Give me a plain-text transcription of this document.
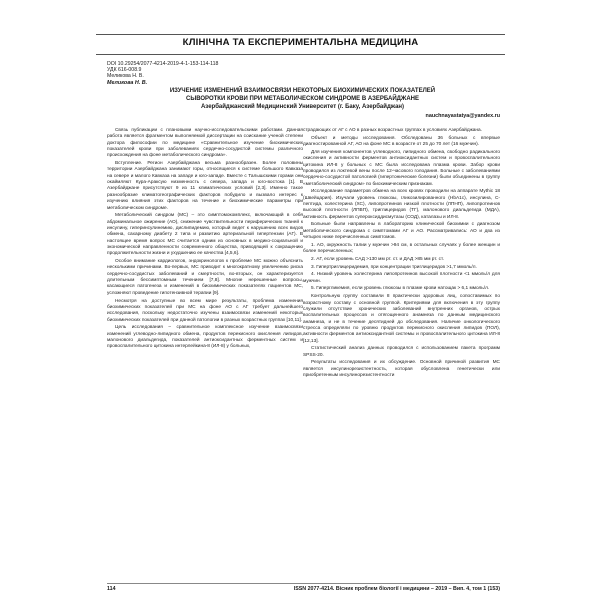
КЛІНІЧНА ТА ЕКСПЕРИМЕНТАЛЬНА МЕДИЦИНА
DOI 10.29254/2077-4214-2019-4-1-153-114-118
УДК 616-008.9
Меликова Н. В.
Меликова Н. В.
ИЗУЧЕНИЕ ИЗМЕНЕНИЙ ВЗАИМОСВЯЗИ НЕКОТОРЫХ БИОХИМИЧЕСКИХ ПОКАЗАТЕЛЕЙ
СЫВОРОТКИ КРОВИ ПРИ МЕТАБОЛИЧЕСКОМ СИНДРОМЕ В АЗЕРБАЙДЖАНЕ
Азербайджанский Медицинский Университет (г. Баку, Азербайджан)
nauchnayastatya@yandex.ru

Связь публикации с плановыми научно-исследовательскими работами. Данная работа является фрагментом выполняемой диссертации на соискание ученой степени доктора философии по медицине «Сравнительное изучение биохимических показателей крови при заболеваниях сердечно-сосудистой системы различного происхождения на фоне метаболического синдрома».

Вступление. Регион Азербайджана весьма разнообразен. Более половины территории Азербайджана занимают горы, относящиеся к системе большого Кавказа на севере и малого Кавказа на западе и юго-западе. Вместе с Талышскими горами они окаймляют Кура-Араксую низменность с севера, запада и юго-востока [1]. В Азербайджане присутствуют 9 из 11 климатических условий [2,3]. Именно такое разнообразие климатогеографических факторов побудило и вызвало интерес к изучению влияния этих факторов на течение и биохимические параметры при метаболическом синдроме.

Метаболический синдром (МС) – это симптомокомплекс, включающий в себя абдоминальное ожирение (АО), снижение чувствительности периферических тканей к инсулину, гиперинсулинемию, дислипидемию, который ведет к нарушению всех видов обмена, сахарному диабету 2 типа и развитию артериальной гипертензии (АГ). В настоящее время вопрос МС считается одним из основных в медико-социальной и экономической направленности современного общества, приводящей к сокращению продолжительности жизни и ухудшению ее качества [4,5,6].

Особое внимание кардиологов, эндокринологов к проблеме МС можно объяснить несколькими причинами. Во-первых, МС приводит к многократному увеличению риска сердечно-сосудистых заболеваний и смертности, во-вторых, он характеризуется длительным бессимптомным течением [7,8]. Многие нерешенные вопросы, касающиеся патогенеза и изменений в биохимических показателях пациентов МС, усложняют проведение гипотензивной терапии [9].

Несмотря на доступные во всем мире результаты, проблема изменения биохимических показателей при МС на фоне АО с АГ требует дальнейшего исследования, поскольку недостаточно изучены взаимосвязи изменений некоторых биохимических показателей при данной патологии в разных возрастных группах [10,11].

Цель исследования – сравнительное комплексное изучение взаимосвязи изменений углеводно-липидного обмена, продуктов перекисного окисления липидов, малонового диальдегида, показателей антиоксидантных ферментных систем и провоспалительного цитокина интерлейкина-8 (ИЛ-8) у больных,

страдающих от АГ с АО в разных возрастных группах в условиях Азербайджана.

Объект и методы исследования. Обследованы 36 больных с впервые диагностированной АГ, АО на фоне МС в возрасте от 25 до 70 лет (16 мужчин).

Для изучения компонентов углеводного, липидного обмена, свободно радикального окисления и активности ферментов антиоксидантных систем и провоспалительного цитокина ИЛ-8 у больных с МС была исследована плазма крови. Забор крови проводился из локтевой вены после 12-часового голодания. Больные с заболеваниями сердечно-сосудистой патологией (гипертонические болезни) были объединены в группу «метаболический синдром» по биохимическим признакам.

Исследование параметров обмена на всех кровях проводили на аппарате Mythic 18 (Швейцария). Изучали уровень глюкозы, гликозилированного (HbA1c), инсулина, С-пептида, холестерина (ХС), липопротеинов низкой плотности (ЛПНП), липопротеинов высокой плотности (ЛПВП), триглицеридов (ТГ), малонового диальдегида (МДА), активность ферментов супероксиддисмутазы (СОД), каталазы и ИЛ-8.

Больные были направлены в лабораторию клинической биохимии с диагнозом метаболического синдрома с симптомами АГ и АО. Рассматривались: АО и два из четырех ниже перечисленных симптомов.

1. АО, окружность талии у мужчин >94 см, в остальных случаях у более женщин и более перечисленных;

2. АГ, если уровень САД >130 мм рт. ст. и ДАД >85 мм рт. ст.

3. Гипертриглицеридемия, при концентрации триглицеридов >1,7 ммоль/л.

4. Низкий уровень холестерина липопротеинов высокой плотности <1 ммоль/л для мужчин.

5. Гипергликемия, если уровень глюкозы в плазме крови натощак > 6,1 ммоль/л.

Контрольную группу составили 8 практически здоровых лиц, сопоставимых по возрастному составу с основной группой. Критериями для включения в эту группу служили отсутствие хронических заболеваний внутренних органов, острых воспалительных процессов и отягощенного анамнеза по данным медицинского анамнеза, и не в течение десятидней до обследования. Наличие онкологического стресса определяли по уровню продуктов перекисного окисления липидов (ПОЛ), активности ферментов антиоксидантной системы и провоспалительного цитокина ИЛ-8 [12,13].

Статистический анализ данных проводился с использованием пакета программ SPSS-20.

Результаты исследования и их обсуждение. Основной причиной развития МС является инсулинорезистентность, которая обусловлена генетически или приобретенным инсулинорезистентности

114	ISSN 2077-4214. Вісник проблем біології і медицини – 2019 – Вип. 4, том 1 (153)
